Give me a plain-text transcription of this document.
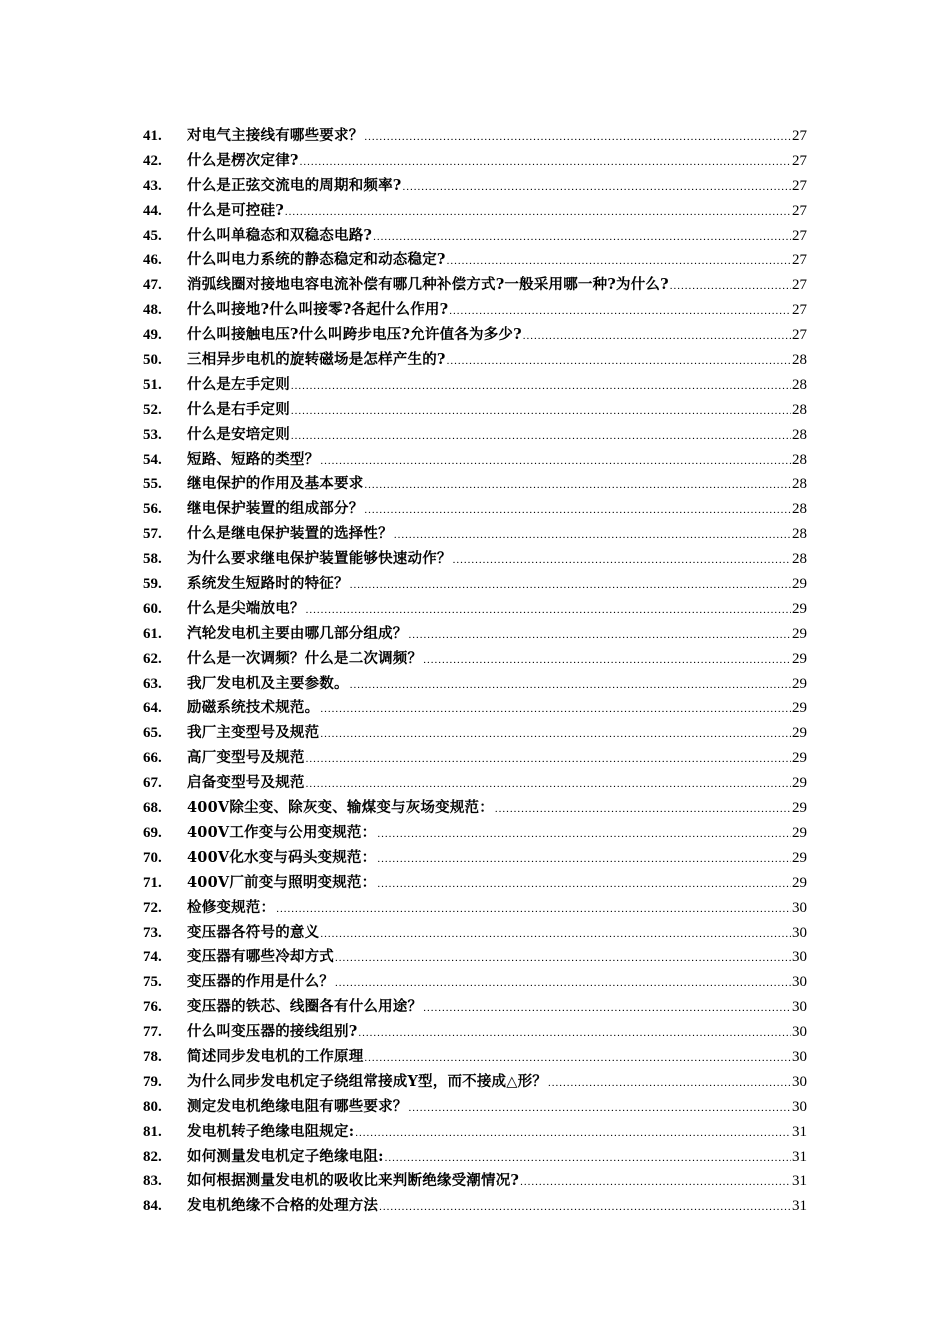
41.	对电气主接线有哪些要求？ .....	27
42.	什么是楞次定律? .....	27
43.	什么是正弦交流电的周期和频率? .....	27
44.	什么是可控硅? .....	27
45.	什么叫单稳态和双稳态电路? .....	27
46.	什么叫电力系统的静态稳定和动态稳定? .....	27
47.	消弧线圈对接地电容电流补偿有哪几种补偿方式?一般采用哪一种?为什么? .....	27
48.	什么叫接地?什么叫接零?各起什么作用? .....	27
49.	什么叫接触电压?什么叫跨步电压?允许值各为多少? .....	27
50.	三相异步电机的旋转磁场是怎样产生的? .....	28
51.	什么是左手定则 .....	28
52.	什么是右手定则 .....	28
53.	什么是安培定则 .....	28
54.	短路、短路的类型？ .....	28
55.	继电保护的作用及基本要求 .....	28
56.	继电保护装置的组成部分？ .....	28
57.	什么是继电保护装置的选择性？ .....	28
58.	为什么要求继电保护装置能够快速动作？ .....	28
59.	系统发生短路时的特征？ .....	29
60.	什么是尖端放电？ .....	29
61.	汽轮发电机主要由哪几部分组成？ .....	29
62.	什么是一次调频？什么是二次调频？ .....	29
63.	我厂发电机及主要参数。 .....	29
64.	励磁系统技术规范。 .....	29
65.	我厂主变型号及规范 .....	29
66.	高厂变型号及规范 .....	29
67.	启备变型号及规范 .....	29
68.	400V除尘变、除灰变、输煤变与灰场变规范： .....	29
69.	400V工作变与公用变规范： .....	29
70.	400V化水变与码头变规范： .....	29
71.	400V厂前变与照明变规范： .....	29
72.	检修变规范： .....	30
73.	变压器各符号的意义 .....	30
74.	变压器有哪些冷却方式 .....	30
75.	变压器的作用是什么？ .....	30
76.	变压器的铁芯、线圈各有什么用途？ .....	30
77.	什么叫变压器的接线组别? .....	30
78.	简述同步发电机的工作原理 .....	30
79.	为什么同步发电机定子绕组常接成Y型，而不接成△形？ .....	30
80.	测定发电机绝缘电阻有哪些要求？ .....	30
81.	发电机转子绝缘电阻规定: .....	31
82.	如何测量发电机定子绝缘电阻: .....	31
83.	如何根据测量发电机的吸收比来判断绝缘受潮情况? .....	31
84.	发电机绝缘不合格的处理方法 .....	31
